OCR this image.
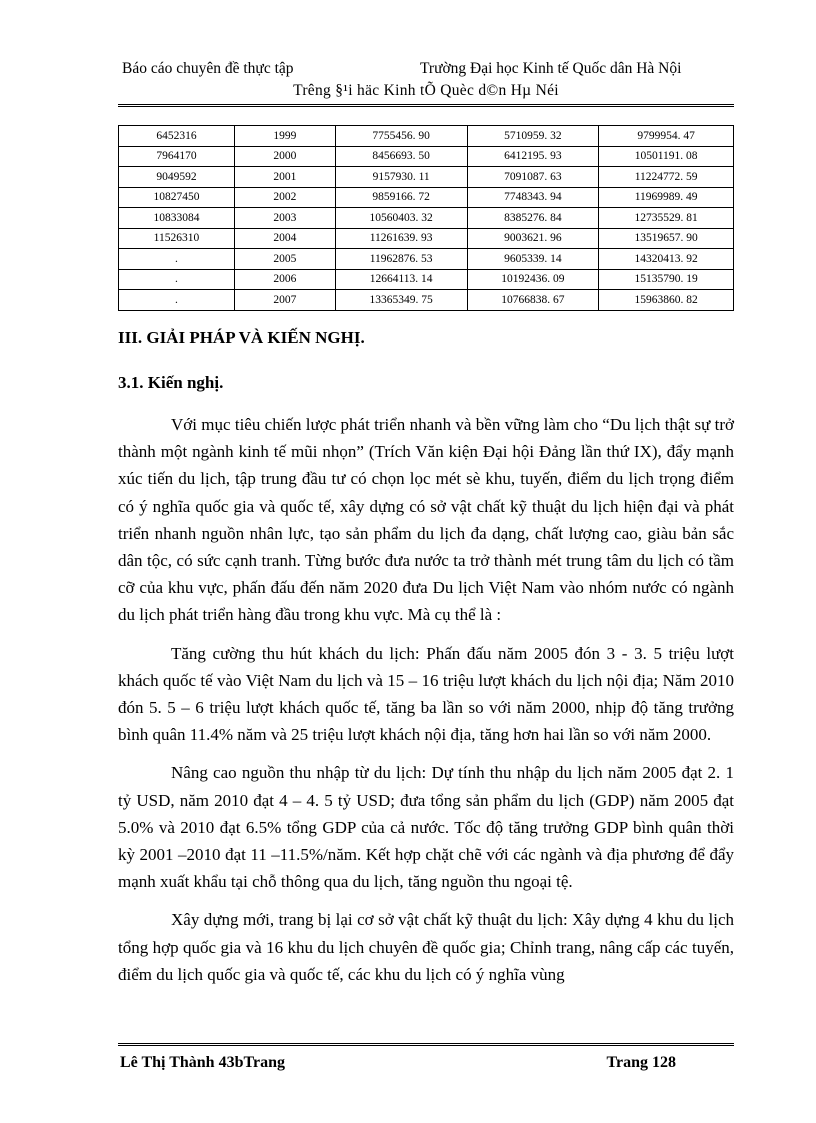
Báo cáo chuyên đề thực tập	Trường Đại học Kinh tế Quốc dân Hà Nội
Trêng §¹i häc Kinh tÕ Quèc d©n Hµ Néi
6452316	1999	7755456. 90	5710959. 32	9799954. 47
7964170	2000	8456693. 50	6412195. 93	10501191. 08
9049592	2001	9157930. 11	7091087. 63	11224772. 59
10827450	2002	9859166. 72	7748343. 94	11969989. 49
10833084	2003	10560403. 32	8385276. 84	12735529. 81
11526310	2004	11261639. 93	9003621. 96	13519657. 90
.	2005	11962876. 53	9605339. 14	14320413. 92
.	2006	12664113. 14	10192436. 09	15135790. 19
.	2007	13365349. 75	10766838. 67	15963860. 82
III. GIẢI PHÁP VÀ KIẾN NGHỊ.
3.1. Kiến nghị.

Với mục tiêu chiến lược phát triển nhanh và bền vững làm cho “Du lịch thật sự trở thành một ngành kinh tế mũi nhọn” (Trích Văn kiện Đại hội Đảng lần thứ IX), đẩy mạnh xúc tiến du lịch, tập trung đầu tư có chọn lọc mét sè khu, tuyến, điểm du lịch trọng điểm có ý nghĩa quốc gia và quốc tế, xây dựng có sở vật chất kỹ thuật du lịch hiện đại và phát triển nhanh nguồn nhân lực, tạo sản phẩm du lịch đa dạng, chất lượng cao, giàu bản sắc dân tộc, có sức cạnh tranh. Từng bước đưa nước ta trở thành mét trung tâm du lịch có tầm cỡ của khu vực, phấn đấu đến năm 2020 đưa Du lịch Việt Nam vào nhóm nước có ngành du lịch phát triển hàng đầu trong khu vực. Mà cụ thể là :

Tăng cường thu hút khách du lịch: Phấn đấu năm 2005 đón 3 - 3. 5 triệu lượt khách quốc tế vào Việt Nam du lịch và 15 – 16 triệu lượt khách du lịch nội địa; Năm 2010 đón 5. 5 – 6 triệu lượt khách quốc tế, tăng ba lần so với năm 2000, nhịp độ tăng trưởng bình quân 11.4% năm và 25 triệu lượt khách nội địa, tăng hơn hai lần so với năm 2000.

Nâng cao nguồn thu nhập từ du lịch: Dự tính thu nhập du lịch năm 2005 đạt 2. 1 tỷ USD, năm 2010 đạt 4 – 4. 5 tỷ USD; đưa tổng sản phẩm du lịch (GDP) năm 2005 đạt 5.0% và 2010 đạt 6.5% tổng GDP của cả nước. Tốc độ tăng trưởng GDP bình quân thời kỳ 2001 –2010 đạt 11 –11.5%/năm. Kết hợp chặt chẽ với các ngành và địa phương để đẩy mạnh xuất khẩu tại chỗ thông qua du lịch, tăng nguồn thu ngoại tệ.

Xây dựng mới, trang bị lại cơ sở vật chất kỹ thuật du lịch: Xây dựng 4 khu du lịch tổng hợp quốc gia và 16 khu du lịch chuyên đề quốc gia; Chỉnh trang, nâng cấp các tuyến, điểm du lịch quốc gia và quốc tế, các khu du lịch có ý nghĩa vùng

Lê Thị Thành 43bTrang	Trang 128
